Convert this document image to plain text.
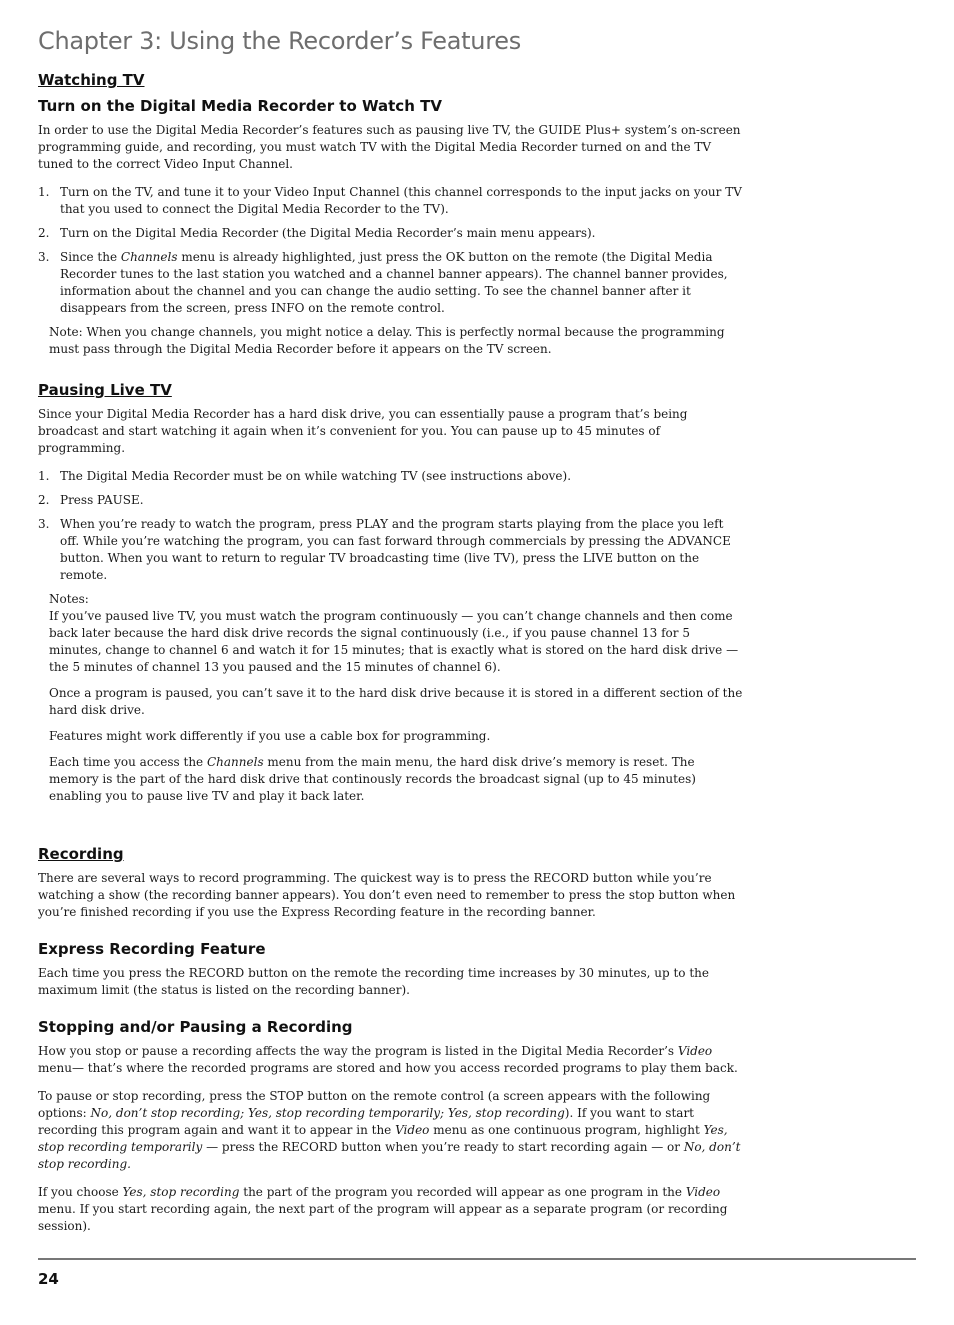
Chapter 3: Using the Recorder’s Features
Watching TV
Turn on the Digital Media Recorder to Watch TV

In order to use the Digital Media Recorder’s features such as pausing live TV, the GUIDE Plus+ system’s on-screen programming guide, and recording, you must watch TV with the Digital Media Recorder turned on and the TV tuned to the correct Video Input Channel.

1. Turn on the TV, and tune it to your Video Input Channel (this channel corresponds to the input jacks on your TV that you used to connect the Digital Media Recorder to the TV).
2. Turn on the Digital Media Recorder (the Digital Media Recorder’s main menu appears).
3. Since the Channels menu is already highlighted, just press the OK button on the remote (the Digital Media Recorder tunes to the last station you watched and a channel banner appears). The channel banner provides, information about the channel and you can change the audio setting. To see the channel banner after it disappears from the screen, press INFO on the remote control.

Note: When you change channels, you might notice a delay. This is perfectly normal because the programming must pass through the Digital Media Recorder before it appears on the TV screen.

Pausing Live TV

Since your Digital Media Recorder has a hard disk drive, you can essentially pause a program that’s being broadcast and start watching it again when it’s convenient for you. You can pause up to 45 minutes of programming.

1. The Digital Media Recorder must be on while watching TV (see instructions above).
2. Press PAUSE.
3. When you’re ready to watch the program, press PLAY and the program starts playing from the place you left off. While you’re watching the program, you can fast forward through commercials by pressing the ADVANCE button. When you want to return to regular TV broadcasting time (live TV), press the LIVE button on the remote.

Notes:

If you’ve paused live TV, you must watch the program continuously — you can’t change channels and then come back later because the hard disk drive records the signal continuously (i.e., if you pause channel 13 for 5 minutes, change to channel 6 and watch it for 15 minutes; that is exactly what is stored on the hard disk drive — the 5 minutes of channel 13 you paused and the 15 minutes of channel 6).

Once a program is paused, you can’t save it to the hard disk drive because it is stored in a different section of the hard disk drive.

Features might work differently if you use a cable box for programming.

Each time you access the Channels menu from the main menu, the hard disk drive’s memory is reset. The memory is the part of the hard disk drive that continously records the broadcast signal (up to 45 minutes) enabling you to pause live TV and play it back later.

Recording

There are several ways to record programming. The quickest way is to press the RECORD button while you’re watching a show (the recording banner appears). You don’t even need to remember to press the stop button when you’re finished recording if you use the Express Recording feature in the recording banner.

Express Recording Feature

Each time you press the RECORD button on the remote the recording time increases by 30 minutes, up to the maximum limit (the status is listed on the recording banner).

Stopping and/or Pausing a Recording

How you stop or pause a recording affects the way the program is listed in the Digital Media Recorder’s Video menu— that’s where the recorded programs are stored and how you access recorded programs to play them back.

To pause or stop recording, press the STOP button on the remote control (a screen appears with the following options: No, don’t stop recording; Yes, stop recording temporarily; Yes, stop recording). If you want to start recording this program again and want it to appear in the Video menu as one continuous program, highlight Yes, stop recording temporarily — press the RECORD button when you’re ready to start recording again — or No, don’t stop recording.

If you choose Yes, stop recording the part of the program you recorded will appear as one program in the Video menu. If you start recording again, the next part of the program will appear as a separate program (or recording session).

24
